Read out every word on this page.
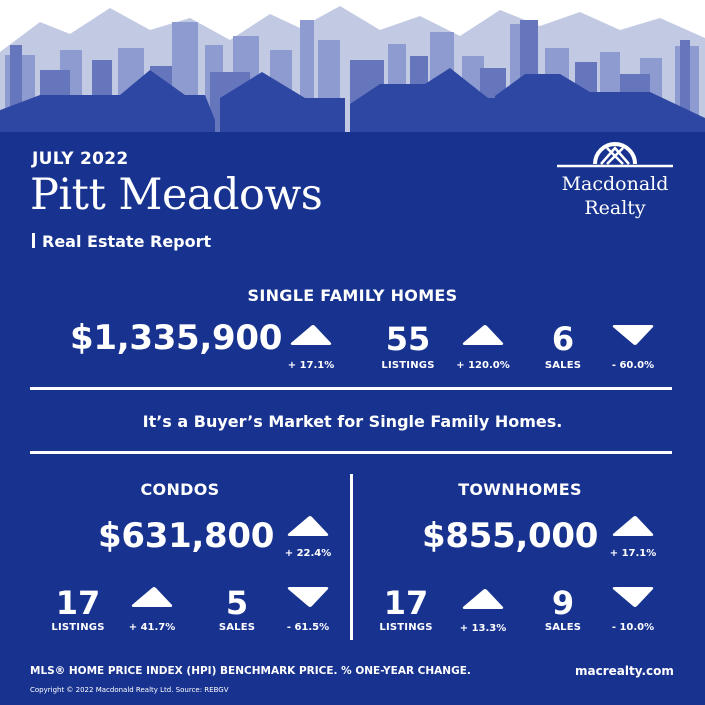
JULY 2022
Pitt Meadows
Real Estate Report
Macdonald
Realty
SINGLE FAMILY HOMES
$1,335,900
+ 17.1%
55
LISTINGS	+ 120.0%
6
SALES	- 60.0%
It’s a Buyer’s Market for Single Family Homes.
CONDOS
$631,800	+ 22.4%
17
LISTINGS	+ 41.7%
5
SALES	- 61.5%
TOWNHOMES
$855,000	+ 17.1%
17
LISTINGS	+ 13.3%
9
SALES	- 10.0%
MLS® HOME PRICE INDEX (HPI) BENCHMARK PRICE. % ONE-YEAR CHANGE.
Copyright © 2022 Macdonald Realty Ltd. Source: REBGV
macrealty.com
